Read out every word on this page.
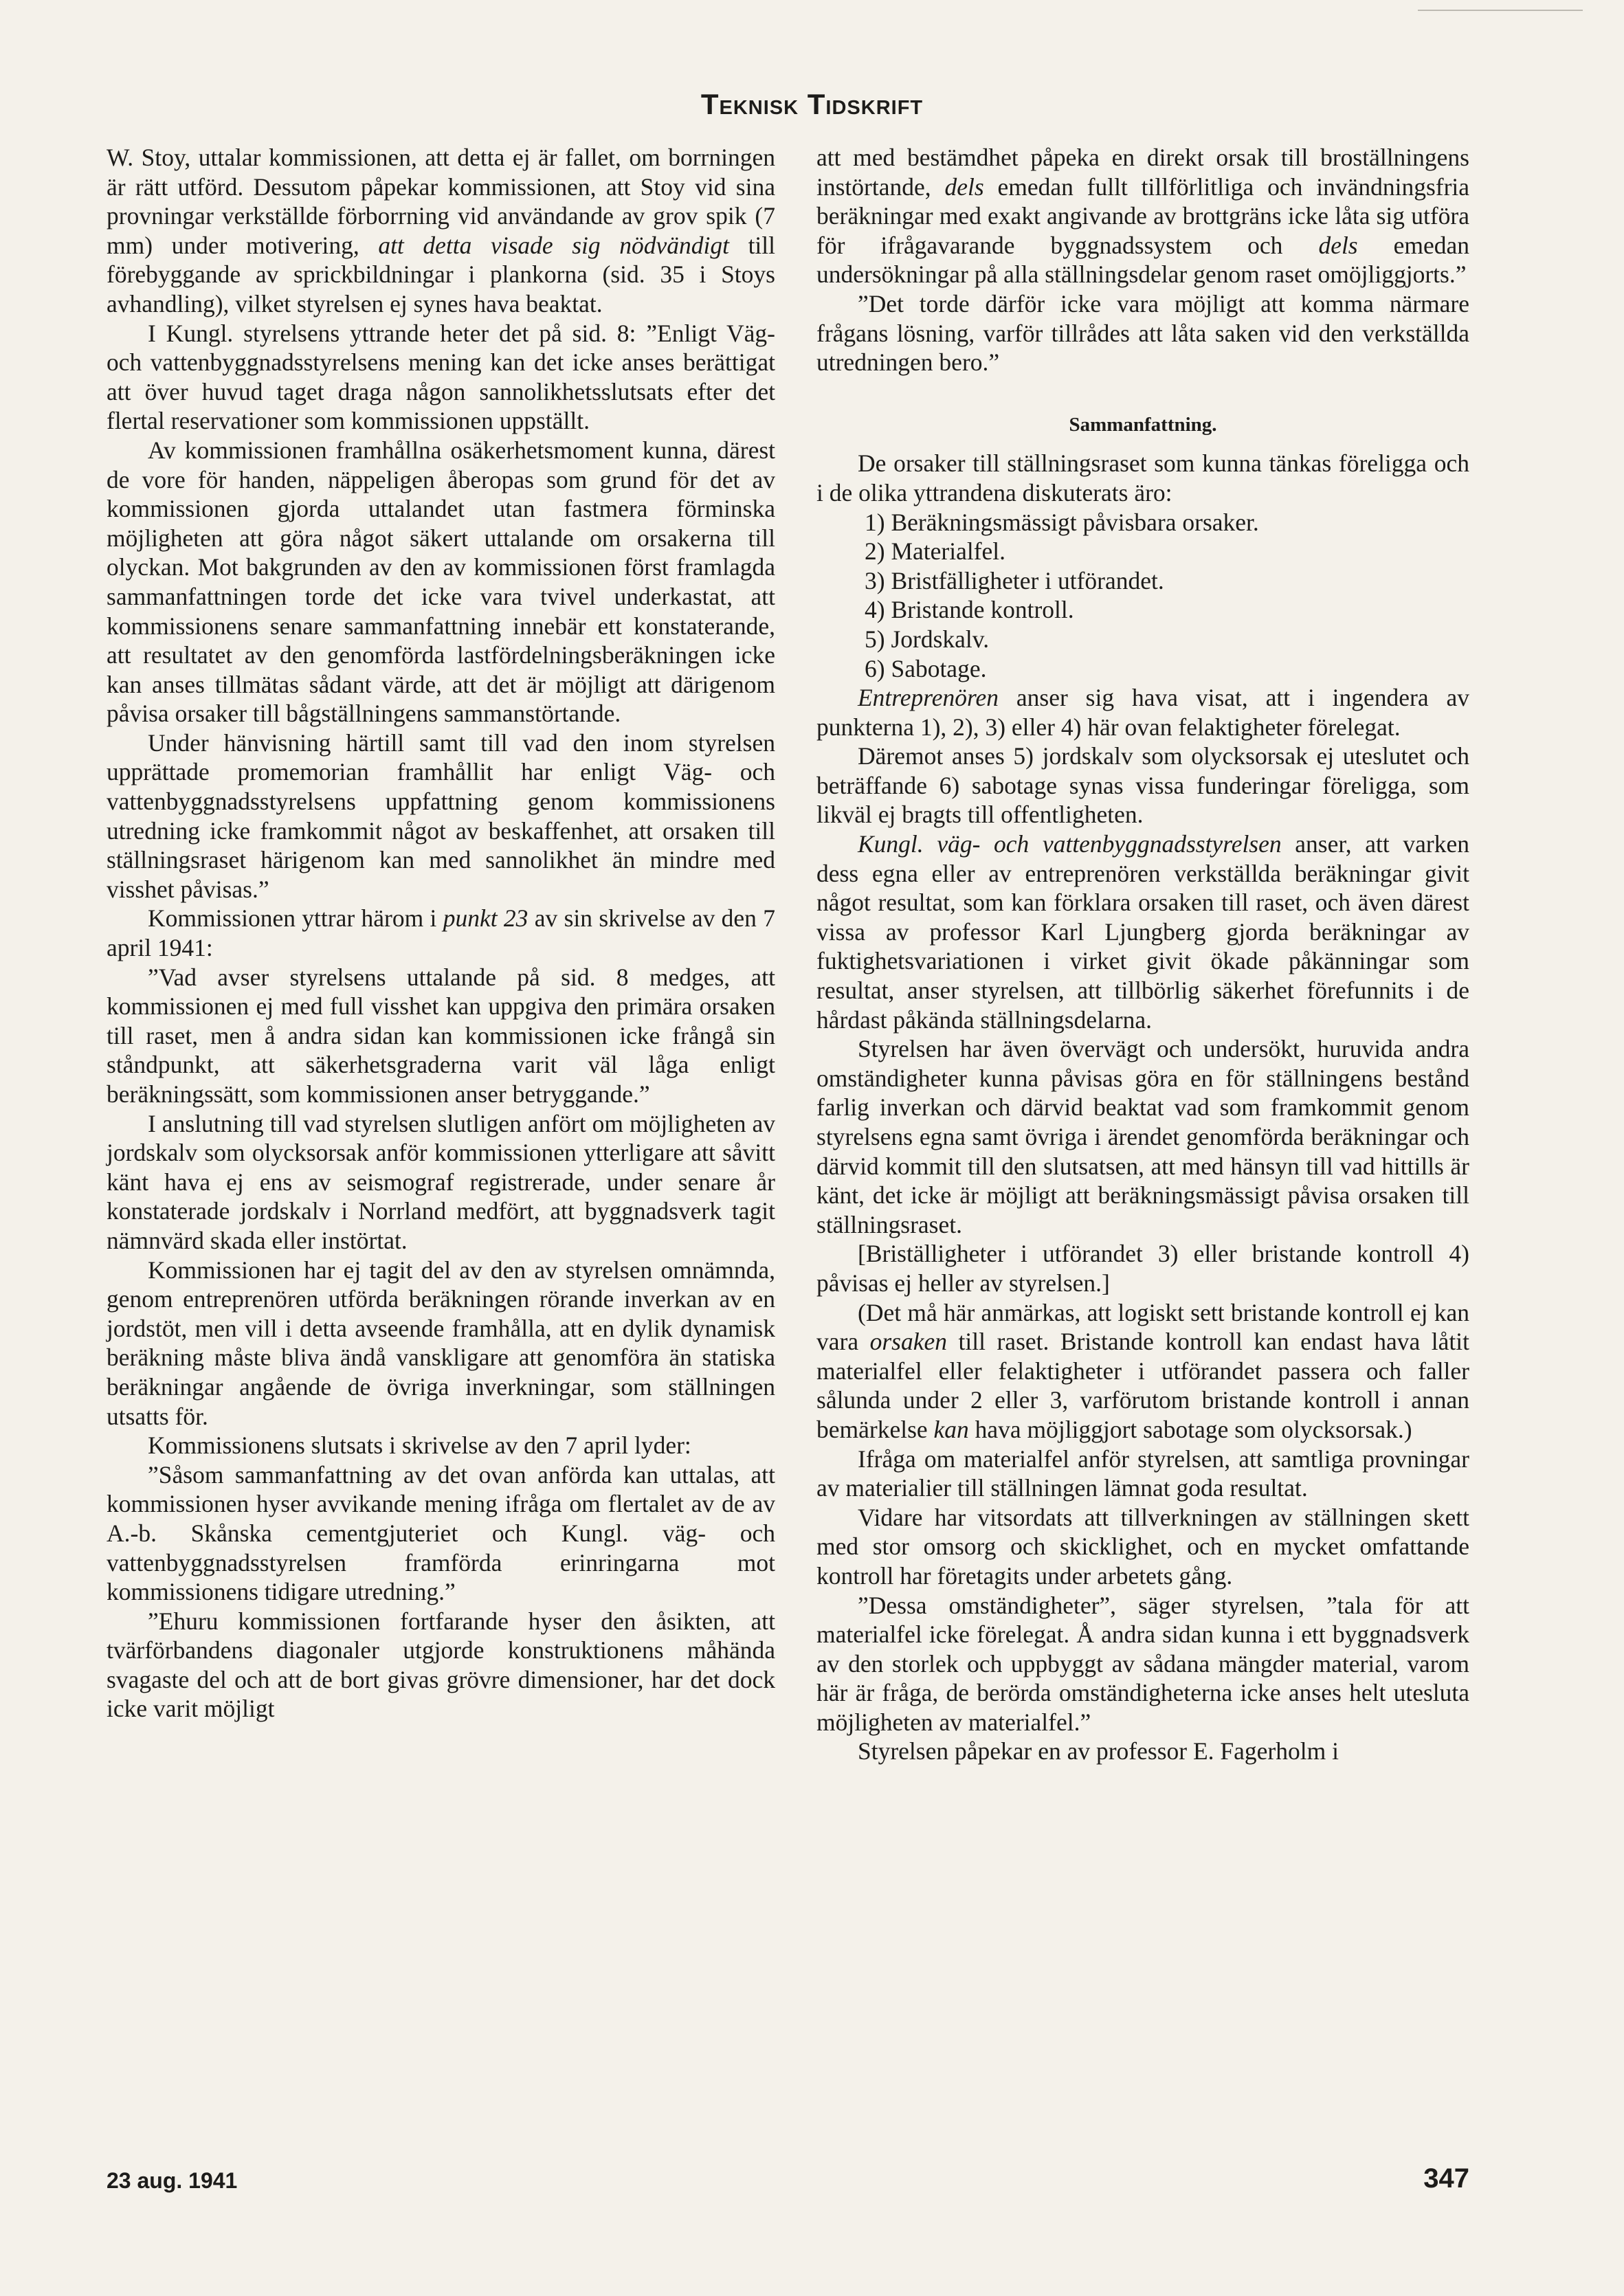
Teknisk Tidskrift

W. Stoy, uttalar kommissionen, att detta ej är fallet, om borrningen är rätt utförd. Dessutom påpekar kommissionen, att Stoy vid sina provningar verkställde förborrning vid användande av grov spik (7 mm) under motivering, att detta visade sig nödvändigt till förebyggande av sprickbildningar i plankorna (sid. 35 i Stoys avhandling), vilket styrelsen ej synes hava beaktat.

I Kungl. styrelsens yttrande heter det på sid. 8: ”Enligt Väg- och vattenbyggnadsstyrelsens mening kan det icke anses berättigat att över huvud taget draga någon sannolikhetsslutsats efter det flertal reservationer som kommissionen uppställt.

Av kommissionen framhållna osäkerhetsmoment kunna, därest de vore för handen, näppeligen åberopas som grund för det av kommissionen gjorda uttalandet utan fastmera förminska möjligheten att göra något säkert uttalande om orsakerna till olyckan. Mot bakgrunden av den av kommissionen först framlagda sammanfattningen torde det icke vara tvivel underkastat, att kommissionens senare sammanfattning innebär ett konstaterande, att resultatet av den genomförda lastfördelningsberäkningen icke kan anses tillmätas sådant värde, att det är möjligt att därigenom påvisa orsaker till bågställningens sammanstörtande.

Under hänvisning härtill samt till vad den inom styrelsen upprättade promemorian framhållit har enligt Väg- och vattenbyggnadsstyrelsens uppfattning genom kommissionens utredning icke framkommit något av beskaffenhet, att orsaken till ställningsraset härigenom kan med sannolikhet än mindre med visshet påvisas.”

Kommissionen yttrar härom i punkt 23 av sin skrivelse av den 7 april 1941:

”Vad avser styrelsens uttalande på sid. 8 medges, att kommissionen ej med full visshet kan uppgiva den primära orsaken till raset, men å andra sidan kan kommissionen icke frångå sin ståndpunkt, att säkerhetsgraderna varit väl låga enligt beräkningssätt, som kommissionen anser betryggande.”

I anslutning till vad styrelsen slutligen anfört om möjligheten av jordskalv som olycksorsak anför kommissionen ytterligare att såvitt känt hava ej ens av seismograf registrerade, under senare år konstaterade jordskalv i Norrland medfört, att byggnadsverk tagit nämnvärd skada eller instörtat.

Kommissionen har ej tagit del av den av styrelsen omnämnda, genom entreprenören utförda beräkningen rörande inverkan av en jordstöt, men vill i detta avseende framhålla, att en dylik dynamisk beräkning måste bliva ändå vanskligare att genomföra än statiska beräkningar angående de övriga inverkningar, som ställningen utsatts för.

Kommissionens slutsats i skrivelse av den 7 april lyder:

”Såsom sammanfattning av det ovan anförda kan uttalas, att kommissionen hyser avvikande mening ifråga om flertalet av de av A.-b. Skånska cementgjuteriet och Kungl. väg- och vattenbyggnadsstyrelsen framförda erinringarna mot kommissionens tidigare utredning.”

”Ehuru kommissionen fortfarande hyser den åsikten, att tvärförbandens diagonaler utgjorde konstruktionens måhända svagaste del och att de bort givas grövre dimensioner, har det dock icke varit möjligt

att med bestämdhet påpeka en direkt orsak till broställningens instörtande, dels emedan fullt tillförlitliga och invändningsfria beräkningar med exakt angivande av brottgräns icke låta sig utföra för ifrågavarande byggnadssystem och dels emedan undersökningar på alla ställningsdelar genom raset omöjliggjorts.”

”Det torde därför icke vara möjligt att komma närmare frågans lösning, varför tillrådes att låta saken vid den verkställda utredningen bero.”

Sammanfattning.

De orsaker till ställningsraset som kunna tänkas föreligga och i de olika yttrandena diskuterats äro:

1) Beräkningsmässigt påvisbara orsaker.

2) Materialfel.

3) Bristfälligheter i utförandet.

4) Bristande kontroll.

5) Jordskalv.

6) Sabotage.

Entreprenören anser sig hava visat, att i ingendera av punkterna 1), 2), 3) eller 4) här ovan felaktigheter förelegat.

Däremot anses 5) jordskalv som olycksorsak ej uteslutet och beträffande 6) sabotage synas vissa funderingar föreligga, som likväl ej bragts till offentligheten.

Kungl. väg- och vattenbyggnadsstyrelsen anser, att varken dess egna eller av entreprenören verkställda beräkningar givit något resultat, som kan förklara orsaken till raset, och även därest vissa av professor Karl Ljungberg gjorda beräkningar av fuktighetsvariationen i virket givit ökade påkänningar som resultat, anser styrelsen, att tillbörlig säkerhet förefunnits i de hårdast påkända ställningsdelarna.

Styrelsen har även övervägt och undersökt, huruvida andra omständigheter kunna påvisas göra en för ställningens bestånd farlig inverkan och därvid beaktat vad som framkommit genom styrelsens egna samt övriga i ärendet genomförda beräkningar och därvid kommit till den slutsatsen, att med hänsyn till vad hittills är känt, det icke är möjligt att beräkningsmässigt påvisa orsaken till ställningsraset.

[Briställigheter i utförandet 3) eller bristande kontroll 4) påvisas ej heller av styrelsen.]

(Det må här anmärkas, att logiskt sett bristande kontroll ej kan vara orsaken till raset. Bristande kontroll kan endast hava låtit materialfel eller felaktigheter i utförandet passera och faller sålunda under 2 eller 3, varförutom bristande kontroll i annan bemärkelse kan hava möjliggjort sabotage som olycksorsak.)

Ifråga om materialfel anför styrelsen, att samtliga provningar av materialier till ställningen lämnat goda resultat.

Vidare har vitsordats att tillverkningen av ställningen skett med stor omsorg och skicklighet, och en mycket omfattande kontroll har företagits under arbetets gång.

”Dessa omständigheter”, säger styrelsen, ”tala för att materialfel icke förelegat. Å andra sidan kunna i ett byggnadsverk av den storlek och uppbyggt av sådana mängder material, varom här är fråga, de berörda omständigheterna icke anses helt utesluta möjligheten av materialfel.”

Styrelsen påpekar en av professor E. Fagerholm i

23 aug. 1941	347
